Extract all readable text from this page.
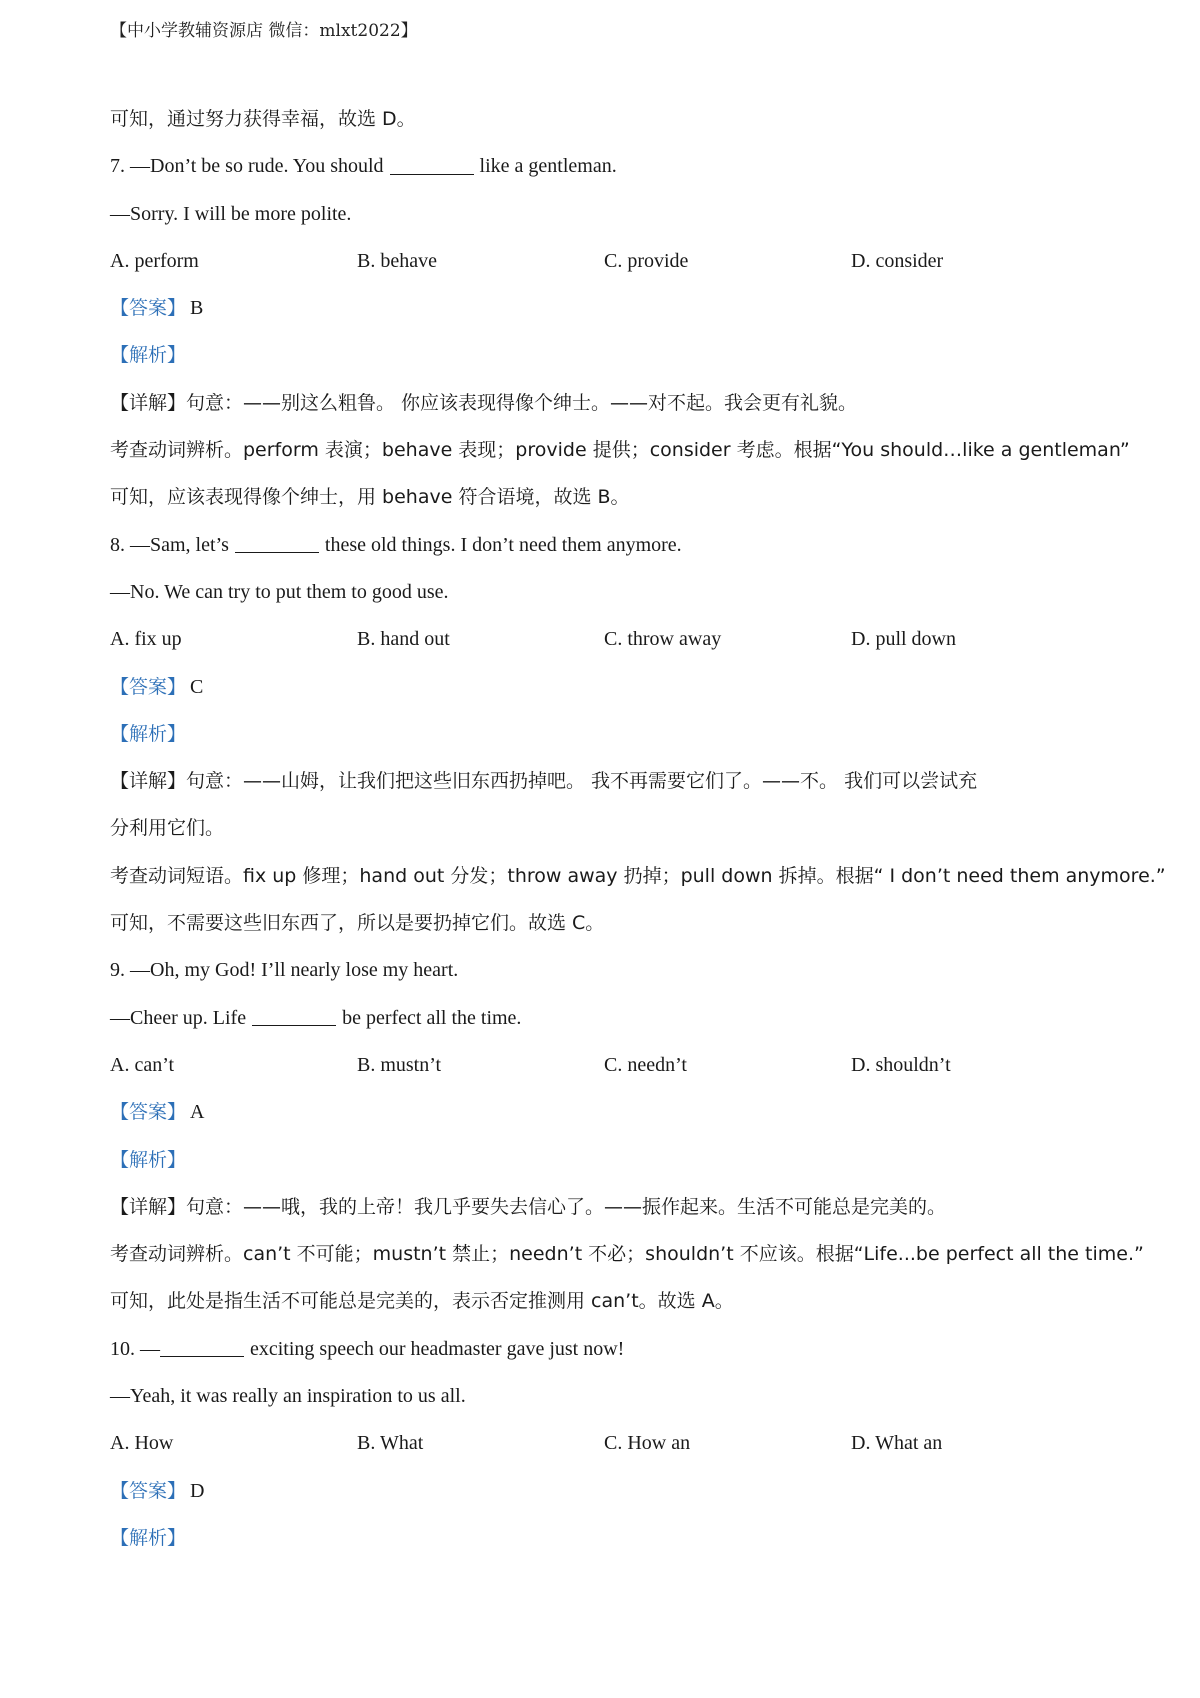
【中小学教辅资源店 微信：mlxt2022】
可知，通过努力获得幸福，故选 D。
7. —Don’t be so rude. You should	like a gentleman.
—Sorry. I will be more polite.
A. perform	B. behave	C. provide	D. consider
【答案】 B
【解析】
【详解】 句意：——别这么粗鲁。 你应该表现得像个绅士。——对不起。我会更有礼貌。
考查动词辨析。perform 表演；behave 表现；provide 提供；consider 考虑。根据“You should…like a gentleman”
可知，应该表现得像个绅士，用 behave 符合语境，故选 B。
8. —Sam, let’s	these old things. I don’t need them anymore.
—No. We can try to put them to good use.
A. fix up	B. hand out	C. throw away	D. pull down
【答案】 C
【解析】
【详解】 句意：——山姆，让我们把这些旧东西扔掉吧。 我不再需要它们了。——不。 我们可以尝试充
分利用它们。
考查动词短语。fix up 修理；hand out 分发；throw away 扔掉；pull down 拆掉。根据“ I don’t need them anymore.”
可知，不需要这些旧东西了，所以是要扔掉它们。故选 C。
9. —Oh, my God! I’ll nearly lose my heart.
—Cheer up. Life	be perfect all the time.
A. can’t	B. mustn’t	C. needn’t	D. shouldn’t
【答案】 A
【解析】
【详解】 句意：——哦，我的上帝！我几乎要失去信心了。——振作起来。生活不可能总是完美的。
考查动词辨析。can’t 不可能；mustn’t 禁止；needn’t 不必；shouldn’t 不应该。根据“Life...be perfect all the time.”
可知，此处是指生活不可能总是完美的，表示否定推测用 can’t。故选 A。
10. —	exciting speech our headmaster gave just now!
—Yeah, it was really an inspiration to us all.
A. How	B. What	C. How an	D. What an
【答案】 D
【解析】
